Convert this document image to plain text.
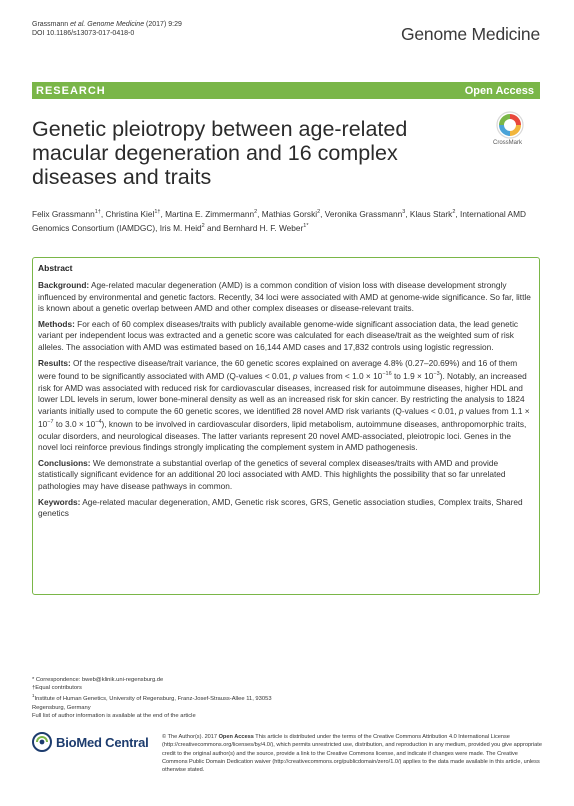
Grassmann et al. Genome Medicine (2017) 9:29
DOI 10.1186/s13073-017-0418-0	Genome Medicine
RESEARCH	Open Access
Genetic pleiotropy between age-related macular degeneration and 16 complex diseases and traits
CrossMark
Felix Grassmann$^{1\dagger}$, Christina Kiel$^{1\dagger}$, Martina E. Zimmermann$^2$, Mathias Gorski$^2$, Veronika Grassmann$^3$, Klaus Stark$^2$, International AMD Genomics Consortium (IAMDGC), Iris M. Heid$^2$ and Bernhard H. F. Weber$^{1*}$
Abstract

Background: Age-related macular degeneration (AMD) is a common condition of vision loss with disease development strongly influenced by environmental and genetic factors. Recently, 34 loci were associated with AMD at genome-wide significance. So far, little is known about a genetic overlap between AMD and other complex diseases or disease-relevant traits.

Methods: For each of 60 complex diseases/traits with publicly available genome-wide significant association data, the lead genetic variant per independent locus was extracted and a genetic score was calculated for each disease/trait as the weighted sum of risk alleles. The association with AMD was estimated based on 16,144 AMD cases and 17,832 controls using logistic regression.

Results: Of the respective disease/trait variance, the 60 genetic scores explained on average 4.8% (0.27–20.69%) and 16 of them were found to be significantly associated with AMD (Q-values < 0.01, p values from < $1.0 \times 10^{-16}$ to $1.9 \times 10^{-3}$). Notably, an increased risk for AMD was associated with reduced risk for cardiovascular diseases, increased risk for autoimmune diseases, higher HDL and lower LDL levels in serum, lower bone-mineral density as well as an increased risk for skin cancer. By restricting the analysis to 1824 variants initially used to compute the 60 genetic scores, we identified 28 novel AMD risk variants (Q-values < 0.01, p values from $1.1 \times 10^{-7}$ to $3.0 \times 10^{-4}$), known to be involved in cardiovascular disorders, lipid metabolism, autoimmune diseases, anthropomorphic traits, ocular disorders, and neurological diseases. The latter variants represent 20 novel AMD-associated, pleiotropic loci. Genes in the novel loci reinforce previous findings strongly implicating the complement system in AMD pathogenesis.

Conclusions: We demonstrate a substantial overlap of the genetics of several complex diseases/traits with AMD and provide statistically significant evidence for an additional 20 loci associated with AMD. This highlights the possibility that so far unrelated pathologies may have disease pathways in common.

Keywords: Age-related macular degeneration, AMD, Genetic risk scores, GRS, Genetic association studies, Complex traits, Shared genetics

* Correspondence: bweb@klinik.uni-regensburg.de
†Equal contributors
$^1$Institute of Human Genetics, University of Regensburg, Franz-Josef-Strauss-Allee 11, 93053 Regensburg, Germany
Full list of author information is available at the end of the article
BioMed Central © The Author(s). 2017 Open Access This article is distributed under the terms of the Creative Commons Attribution 4.0 International License (http://creativecommons.org/licenses/by/4.0/), which permits unrestricted use, distribution, and reproduction in any medium, provided you give appropriate credit to the original author(s) and the source, provide a link to the Creative Commons license, and indicate if changes were made. The Creative Commons Public Domain Dedication waiver (http://creativecommons.org/publicdomain/zero/1.0/) applies to the data made available in this article, unless otherwise stated.
